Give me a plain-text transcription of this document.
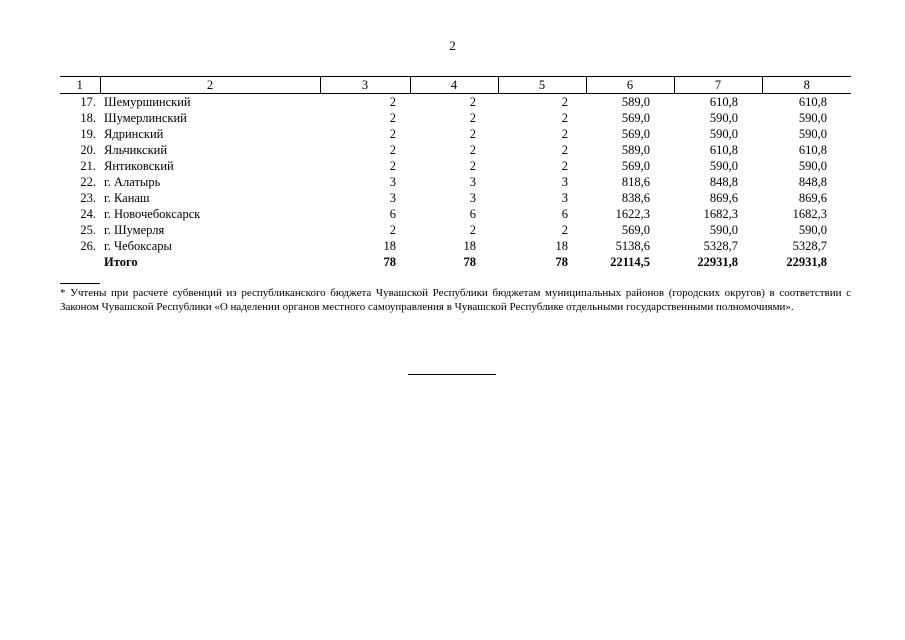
2
1	2	3	4	5	6	7	8
17.	Шемуршинский	2	2	2	589,0	610,8	610,8
18.	Шумерлинский	2	2	2	569,0	590,0	590,0
19.	Ядринский	2	2	2	569,0	590,0	590,0
20.	Яльчикский	2	2	2	589,0	610,8	610,8
21.	Янтиковский	2	2	2	569,0	590,0	590,0
22.	г. Алатырь	3	3	3	818,6	848,8	848,8
23.	г. Канаш	3	3	3	838,6	869,6	869,6
24.	г. Новочебоксарск	6	6	6	1622,3	1682,3	1682,3
25.	г. Шумерля	2	2	2	569,0	590,0	590,0
26.	г. Чебоксары	18	18	18	5138,6	5328,7	5328,7
	Итого	78	78	78	22114,5	22931,8	22931,8
* Учтены при расчете субвенций из республиканского бюджета Чувашской Республики бюджетам муниципальных районов (городских округов) в соответствии с Законом Чувашской Республики «О наделении органов местного самоуправления в Чувашской Республике отдельными государственными полномочиями».
